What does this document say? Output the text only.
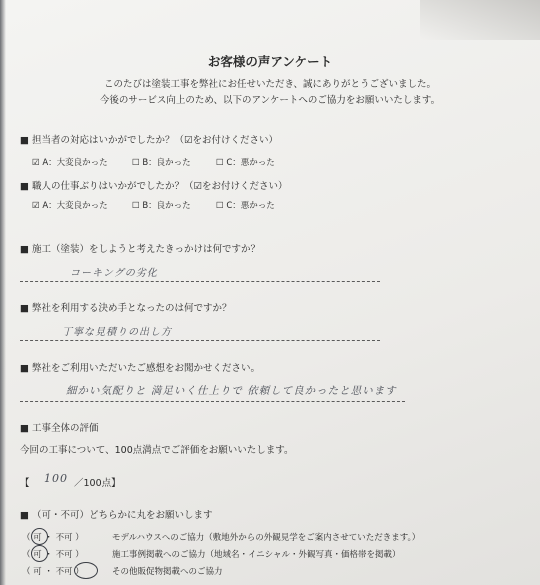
お客様の声アンケート
このたびは塗装工事を弊社にお任せいただき、誠にありがとうございました。
今後のサービス向上のため、以下のアンケートへのご協力をお願いいたします。
■ 担当者の対応はいかがでしたか？（☑をお付けください）
☑ A：大変良かった	☐ B：良かった	☐ C：悪かった
■ 職人の仕事ぶりはいかがでしたか？（☑をお付けください）
☑ A：大変良かった	☐ B：良かった	☐ C：悪かった
■ 施工（塗装）をしようと考えたきっかけは何ですか？
コーキングの劣化
■ 弊社を利用する決め手となったのは何ですか？
丁寧な見積りの出し方
■ 弊社をご利用いただいたご感想をお聞かせください。
細かい気配りと 満足いく仕上りで 依頼して良かったと思います
■ 工事全体の評価
今回の工事について、100点満点でご評価をお願いいたします。
【 100 ／100点】
■ （可・不可）どちらかに丸をお願いします
（ 可 ・ 不可 ）	モデルハウスへのご協力（敷地外からの外観見学をご案内させていただきます。）
（ 可 ・ 不可 ）	施工事例掲載へのご協力（地域名・イニシャル・外観写真・価格帯を掲載）
（ 可 ・ 不可 ）	その他販促物掲載へのご協力
